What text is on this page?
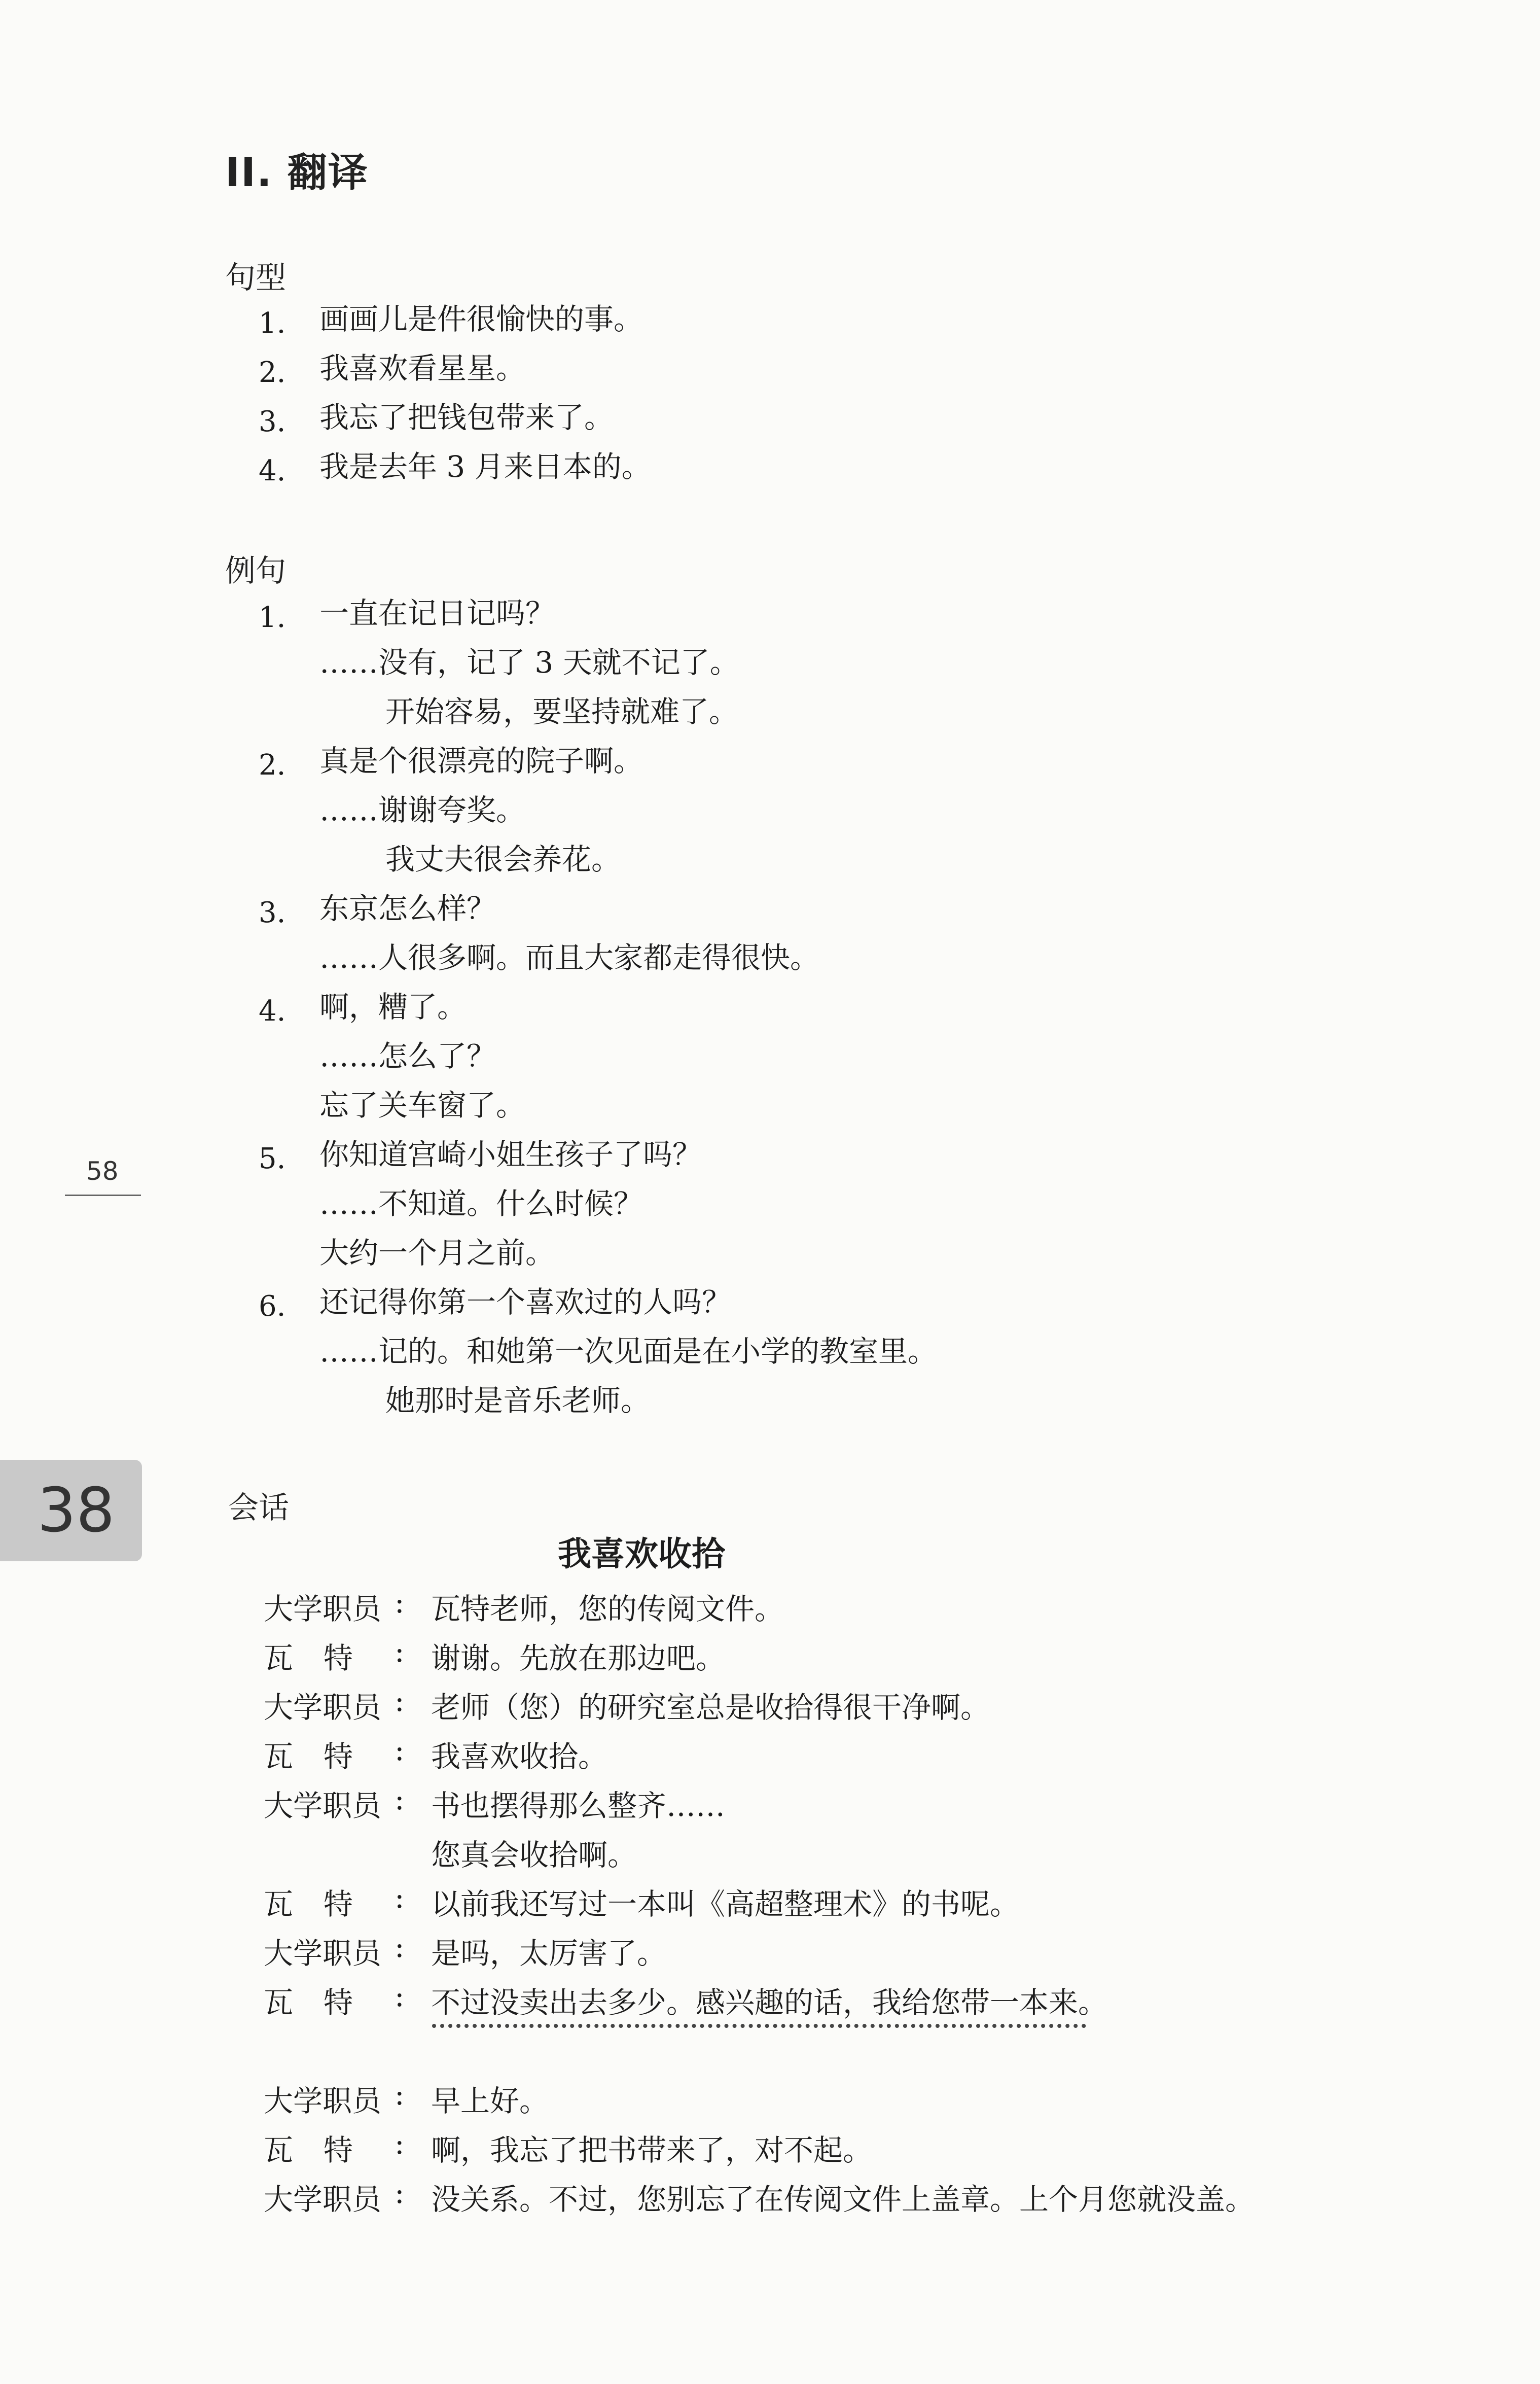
II. 翻译
句型
1. 画画儿是件很愉快的事。
2. 我喜欢看星星。
3. 我忘了把钱包带来了。
4. 我是去年 3 月来日本的。
例句
1. 一直在记日记吗？
……没有，记了 3 天就不记了。
开始容易，要坚持就难了。
2. 真是个很漂亮的院子啊。
……谢谢夸奖。
我丈夫很会养花。
3. 东京怎么样？
……人很多啊。而且大家都走得很快。
4. 啊，糟了。
……怎么了？
忘了关车窗了。
5. 你知道宫崎小姐生孩子了吗？
……不知道。什么时候？
大约一个月之前。
6. 还记得你第一个喜欢过的人吗？
……记的。和她第一次见面是在小学的教室里。
她那时是音乐老师。
58
38	会话
我喜欢收拾
大学职员 : 瓦特老师，您的传阅文件。
瓦特 : 谢谢。先放在那边吧。
大学职员 : 老师（您）的研究室总是收拾得很干净啊。
瓦特 : 我喜欢收拾。
大学职员 : 书也摆得那么整齐……
您真会收拾啊。
瓦特 : 以前我还写过一本叫《高超整理术》的书呢。
大学职员 : 是吗，太厉害了。
瓦特 : 不过没卖出去多少。感兴趣的话，我给您带一本来。
大学职员 : 早上好。
瓦特 : 啊，我忘了把书带来了，对不起。
大学职员 : 没关系。不过，您别忘了在传阅文件上盖章。上个月您就没盖。
